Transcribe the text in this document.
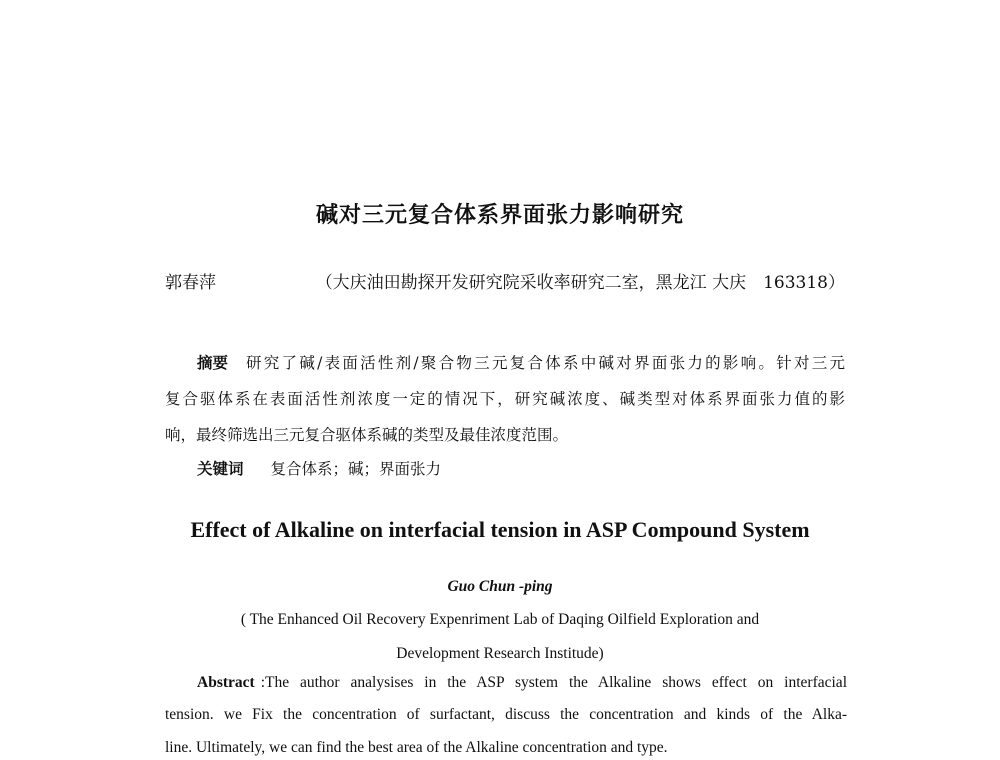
碱对三元复合体系界面张力影响研究
郭春萍	（大庆油田勘探开发研究院采收率研究二室，黑龙江 大庆　163318）
摘要 研究了碱/表面活性剂/聚合物三元复合体系中碱对界面张力的影响。针对三元
复合驱体系在表面活性剂浓度一定的情况下，研究碱浓度、碱类型对体系界面张力值的影
响，最终筛选出三元复合驱体系碱的类型及最佳浓度范围。
关键词 复合体系；碱；界面张力
Effect of Alkaline on interfacial tension in ASP Compound System
Guo Chun -ping
( The Enhanced Oil Recovery Expenriment Lab of Daqing Oilfield Exploration and
Development Research Institude)
Abstract :The author analysises in the ASP system the Alkaline shows effect on interfacial
tension. we Fix the concentration of surfactant, discuss the concentration and kinds of the Alka-
line. Ultimately, we can find the best area of the Alkaline concentration and type.
